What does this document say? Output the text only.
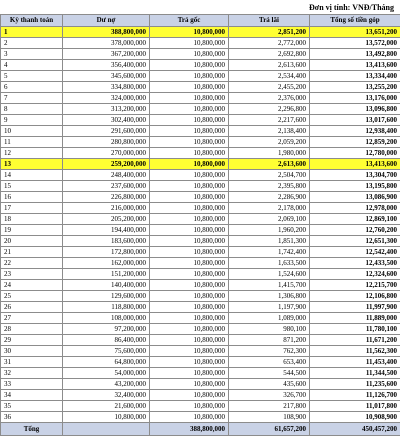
Đơn vị tính: VNĐ/Tháng
Kỳ thanh toán	Dư nợ	Trả gốc	Trả lãi	Tổng số tiền góp
1	388,800,000	10,800,000	2,851,200	13,651,200
2	378,000,000	10,800,000	2,772,000	13,572,000
3	367,200,000	10,800,000	2,692,800	13,492,800
4	356,400,000	10,800,000	2,613,600	13,413,600
5	345,600,000	10,800,000	2,534,400	13,334,400
6	334,800,000	10,800,000	2,455,200	13,255,200
7	324,000,000	10,800,000	2,376,000	13,176,000
8	313,200,000	10,800,000	2,296,800	13,096,800
9	302,400,000	10,800,000	2,217,600	13,017,600
10	291,600,000	10,800,000	2,138,400	12,938,400
11	280,800,000	10,800,000	2,059,200	12,859,200
12	270,000,000	10,800,000	1,980,000	12,780,000
13	259,200,000	10,800,000	2,613,600	13,413,600
14	248,400,000	10,800,000	2,504,700	13,304,700
15	237,600,000	10,800,000	2,395,800	13,195,800
16	226,800,000	10,800,000	2,286,900	13,086,900
17	216,000,000	10,800,000	2,178,000	12,978,000
18	205,200,000	10,800,000	2,069,100	12,869,100
19	194,400,000	10,800,000	1,960,200	12,760,200
20	183,600,000	10,800,000	1,851,300	12,651,300
21	172,800,000	10,800,000	1,742,400	12,542,400
22	162,000,000	10,800,000	1,633,500	12,433,500
23	151,200,000	10,800,000	1,524,600	12,324,600
24	140,400,000	10,800,000	1,415,700	12,215,700
25	129,600,000	10,800,000	1,306,800	12,106,800
26	118,800,000	10,800,000	1,197,900	11,997,900
27	108,000,000	10,800,000	1,089,000	11,889,000
28	97,200,000	10,800,000	980,100	11,780,100
29	86,400,000	10,800,000	871,200	11,671,200
30	75,600,000	10,800,000	762,300	11,562,300
31	64,800,000	10,800,000	653,400	11,453,400
32	54,000,000	10,800,000	544,500	11,344,500
33	43,200,000	10,800,000	435,600	11,235,600
34	32,400,000	10,800,000	326,700	11,126,700
35	21,600,000	10,800,000	217,800	11,017,800
36	10,800,000	10,800,000	108,900	10,908,900
Tổng		388,800,000	61,657,200	450,457,200
